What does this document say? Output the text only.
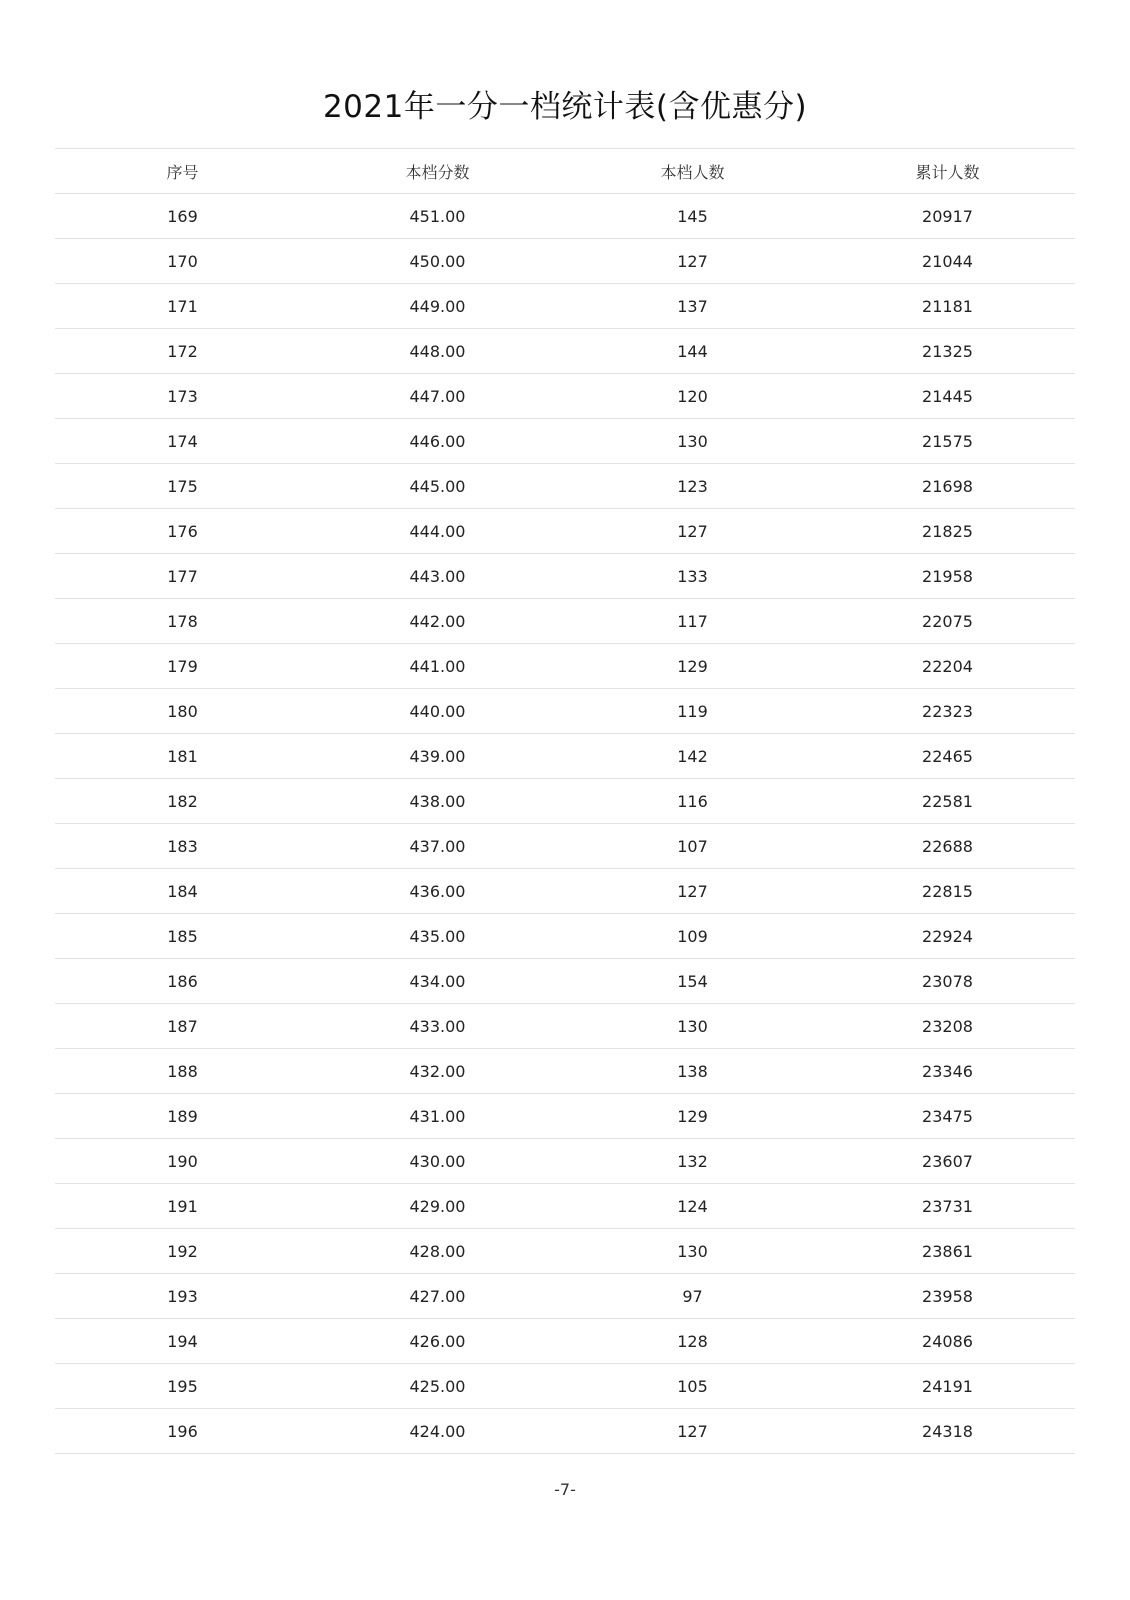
2021年一分一档统计表(含优惠分)
序号	本档分数	本档人数	累计人数
169	451.00	145	20917
170	450.00	127	21044
171	449.00	137	21181
172	448.00	144	21325
173	447.00	120	21445
174	446.00	130	21575
175	445.00	123	21698
176	444.00	127	21825
177	443.00	133	21958
178	442.00	117	22075
179	441.00	129	22204
180	440.00	119	22323
181	439.00	142	22465
182	438.00	116	22581
183	437.00	107	22688
184	436.00	127	22815
185	435.00	109	22924
186	434.00	154	23078
187	433.00	130	23208
188	432.00	138	23346
189	431.00	129	23475
190	430.00	132	23607
191	429.00	124	23731
192	428.00	130	23861
193	427.00	97	23958
194	426.00	128	24086
195	425.00	105	24191
196	424.00	127	24318
-7-
